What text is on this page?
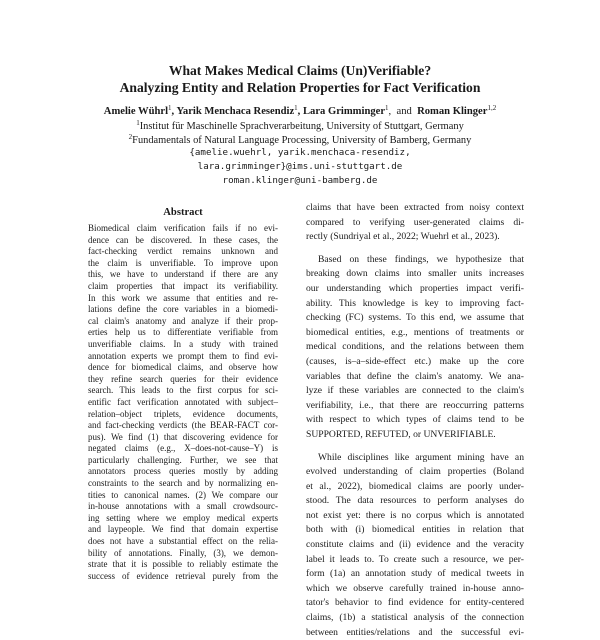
What Makes Medical Claims (Un)Verifiable?
Analyzing Entity and Relation Properties for Fact Verification
Amelie Wührl$^1$, Yarik Menchaca Resendiz$^1$, Lara Grimminger$^1$,  and  Roman Klinger$^{1,2}$
$^1$Institut für Maschinelle Sprachverarbeitung, University of Stuttgart, Germany
$^2$Fundamentals of Natural Language Processing, University of Bamberg, Germany
{amelie.wuehrl, yarik.menchaca-resendiz,
lara.grimminger}@ims.uni-stuttgart.de
roman.klinger@uni-bamberg.de
Abstract
Biomedical claim verification fails if no evi-
dence can be discovered. In these cases, the
fact-checking verdict remains unknown and
the claim is unverifiable. To improve upon
this, we have to understand if there are any
claim properties that impact its verifiability.
In this work we assume that entities and re-
lations define the core variables in a biomedi-
cal claim's anatomy and analyze if their prop-
erties help us to differentiate verifiable from
unverifiable claims. In a study with trained
annotation experts we prompt them to find evi-
dence for biomedical claims, and observe how
they refine search queries for their evidence
search. This leads to the first corpus for sci-
entific fact verification annotated with subject–
relation–object triplets, evidence documents,
and fact-checking verdicts (the BEAR-FACT cor-
pus). We find (1) that discovering evidence for
negated claims (e.g., X–does-not-cause–Y) is
particularly challenging. Further, we see that
annotators process queries mostly by adding
constraints to the search and by normalizing en-
tities to canonical names. (2) We compare our
in-house annotations with a small crowdsourc-
ing setting where we employ medical experts
and laypeople. We find that domain expertise
does not have a substantial effect on the relia-
bility of annotations. Finally, (3), we demon-
strate that it is possible to reliably estimate the
success of evidence retrieval purely from the
claims that have been extracted from noisy context
compared to verifying user-generated claims di-
rectly (Sundriyal et al., 2022; Wuehrl et al., 2023).
Based on these findings, we hypothesize that
breaking down claims into smaller units increases
our understanding which properties impact verifi-
ability. This knowledge is key to improving fact-
checking (FC) systems. To this end, we assume that
biomedical entities, e.g., mentions of treatments or
medical conditions, and the relations between them
(causes, is–a–side-effect etc.) make up the core
variables that define the claim's anatomy. We ana-
lyze if these variables are connected to the claim's
verifiability, i.e., that there are reoccurring patterns
with respect to which types of claims tend to be
SUPPORTED, REFUTED, or UNVERIFIABLE.
While disciplines like argument mining have an
evolved understanding of claim properties (Boland
et al., 2022), biomedical claims are poorly under-
stood. The data resources to perform analyses do
not exist yet: there is no corpus which is annotated
both with (i) biomedical entities in relation that
constitute claims and (ii) evidence and the veracity
label it leads to. To create such a resource, we per-
form (1a) an annotation study of medical tweets in
which we observe carefully trained in-house anno-
tator's behavior to find evidence for entity-centered
claims, (1b) a statistical analysis of the connection
between entities/relations and the successful evi-
